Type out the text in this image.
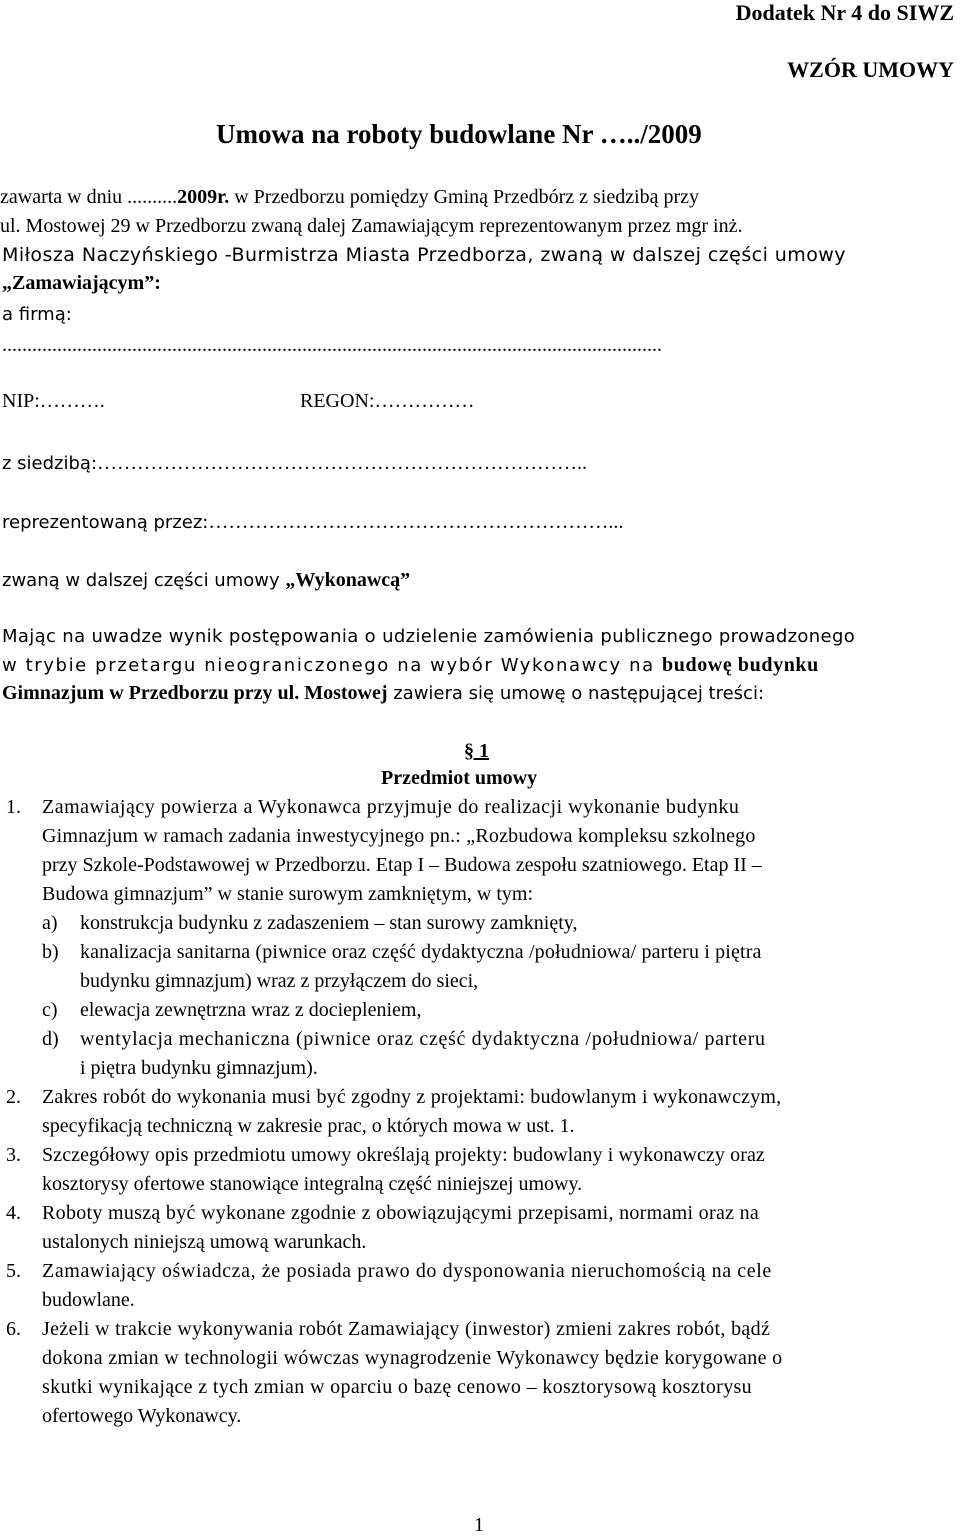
Dodatek Nr 4 do SIWZ
WZÓR UMOWY
Umowa na roboty budowlane Nr …../2009
zawarta w dniu ..........2009r. w Przedborzu pomiędzy Gminą Przedbórz z siedzibą przy
ul. Mostowej 29 w Przedborzu zwaną dalej Zamawiającym reprezentowanym przez mgr inż.
Miłosza Naczyńskiego -Burmistrza Miasta Przedborza, zwaną w dalszej części umowy
„Zamawiającym”:
a firmą:
....................................................................................................................................
NIP:……….	REGON:……………
z siedzibą:………………………………………………………………..
reprezentowaną przez:……………………………………………………...
zwaną w dalszej części umowy „Wykonawcą”
Mając na uwadze wynik postępowania o udzielenie zamówienia publicznego prowadzonego
w trybie przetargu nieograniczonego na wybór Wykonawcy na budowę budynku
Gimnazjum w Przedborzu przy ul. Mostowej zawiera się umowę o następującej treści:
§ 1
Przedmiot umowy
1. Zamawiający powierza a Wykonawca przyjmuje do realizacji wykonanie budynku
Gimnazjum w ramach zadania inwestycyjnego pn.: „Rozbudowa kompleksu szkolnego
przy Szkole-Podstawowej w Przedborzu. Etap I – Budowa zespołu szatniowego. Etap II –
Budowa gimnazjum” w stanie surowym zamkniętym, w tym:
a) konstrukcja budynku z zadaszeniem – stan surowy zamknięty,
b) kanalizacja sanitarna (piwnice oraz część dydaktyczna /południowa/ parteru i piętra
budynku gimnazjum) wraz z przyłączem do sieci,
c) elewacja zewnętrzna wraz z dociepleniem,
d) wentylacja mechaniczna (piwnice oraz część dydaktyczna /południowa/ parteru
i piętra budynku gimnazjum).
2. Zakres robót do wykonania musi być zgodny z projektami: budowlanym i wykonawczym,
specyfikacją techniczną w zakresie prac, o których mowa w ust. 1.
3. Szczegółowy opis przedmiotu umowy określają projekty: budowlany i wykonawczy oraz
kosztorysy ofertowe stanowiące integralną część niniejszej umowy.
4. Roboty muszą być wykonane zgodnie z obowiązującymi przepisami, normami oraz na
ustalonych niniejszą umową warunkach.
5. Zamawiający oświadcza, że posiada prawo do dysponowania nieruchomością na cele
budowlane.
6. Jeżeli w trakcie wykonywania robót Zamawiający (inwestor) zmieni zakres robót, bądź
dokona zmian w technologii wówczas wynagrodzenie Wykonawcy będzie korygowane o
skutki wynikające z tych zmian w oparciu o bazę cenowo – kosztorysową kosztorysu
ofertowego Wykonawcy.
1
